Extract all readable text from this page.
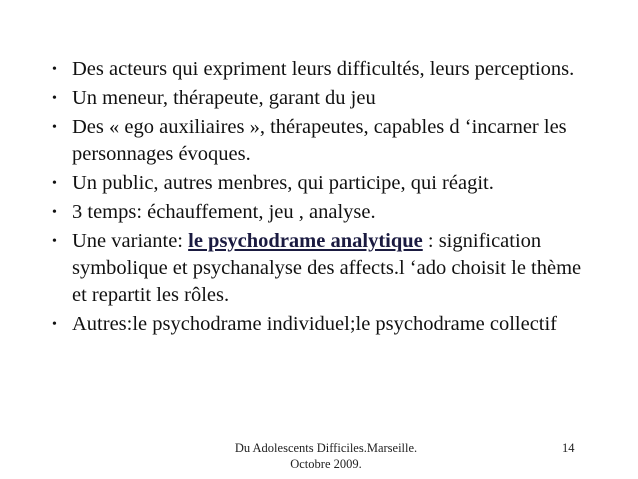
• Des acteurs qui expriment leurs difficultés, leurs perceptions.
• Un meneur, thérapeute, garant du jeu
• Des « ego auxiliaires », thérapeutes, capables d ‘incarner les personnages évoques.
• Un public, autres menbres, qui participe, qui réagit.
• 3 temps: échauffement, jeu , analyse.
• Une variante: le psychodrame analytique : signification symbolique et psychanalyse des affects.l ‘ado choisit le thème et repartit les rôles.
• Autres:le psychodrame individuel;le psychodrame collectif
Du Adolescents Difficiles.Marseille.
Octobre 2009.
14
